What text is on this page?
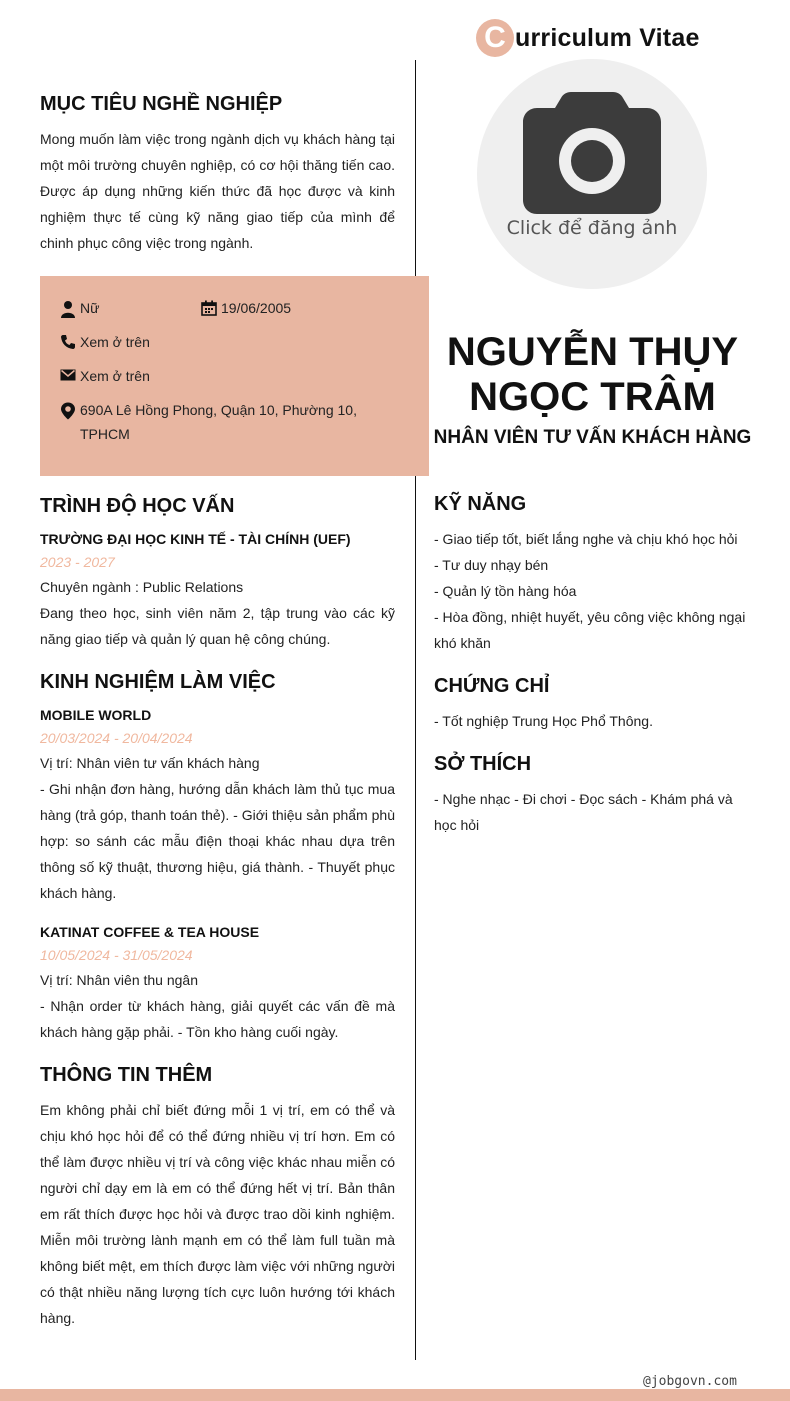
C urriculum Vitae
MỤC TIÊU NGHỀ NGHIỆP
Mong muốn làm việc trong ngành dịch vụ khách hàng tại một môi trường chuyên nghiệp, có cơ hội thăng tiến cao. Được áp dụng những kiến thức đã học được và kinh nghiệm thực tế cùng kỹ năng giao tiếp của mình để chinh phục công việc trong ngành.
Nữ	19/06/2005
Xem ở trên
Xem ở trên
690A Lê Hồng Phong, Quận 10, Phường 10, TPHCM
Click để đăng ảnh
NGUYỄN THỤY
NGỌC TRÂM
NHÂN VIÊN TƯ VẤN KHÁCH HÀNG
TRÌNH ĐỘ HỌC VẤN
TRƯỜNG ĐẠI HỌC KINH TẾ - TÀI CHÍNH (UEF)
2023 - 2027
Chuyên ngành : Public Relations
Đang theo học, sinh viên năm 2, tập trung vào các kỹ năng giao tiếp và quản lý quan hệ công chúng.
KINH NGHIỆM LÀM VIỆC
MOBILE WORLD
20/03/2024 - 20/04/2024
Vị trí: Nhân viên tư vấn khách hàng
- Ghi nhận đơn hàng, hướng dẫn khách làm thủ tục mua hàng (trả góp, thanh toán thẻ). - Giới thiệu sản phẩm phù hợp: so sánh các mẫu điện thoại khác nhau dựa trên thông số kỹ thuật, thương hiệu, giá thành. - Thuyết phục khách hàng.
KATINAT COFFEE & TEA HOUSE
10/05/2024 - 31/05/2024
Vị trí: Nhân viên thu ngân
- Nhận order từ khách hàng, giải quyết các vấn đề mà khách hàng gặp phải. - Tồn kho hàng cuối ngày.
THÔNG TIN THÊM
Em không phải chỉ biết đứng mỗi 1 vị trí, em có thể và chịu khó học hỏi để có thể đứng nhiều vị trí hơn. Em có thể làm được nhiều vị trí và công việc khác nhau miễn có người chỉ dạy em là em có thể đứng hết vị trí. Bản thân em rất thích được học hỏi và được trao dồi kinh nghiệm. Miễn môi trường lành mạnh em có thể làm full tuần mà không biết mệt, em thích được làm việc với những người có thật nhiều năng lượng tích cực luôn hướng tới khách hàng.
KỸ NĂNG
- Giao tiếp tốt, biết lắng nghe và chịu khó học hỏi
- Tư duy nhạy bén
- Quản lý tồn hàng hóa
- Hòa đồng, nhiệt huyết, yêu công việc không ngại khó khăn
CHỨNG CHỈ
- Tốt nghiệp Trung Học Phổ Thông.
SỞ THÍCH
- Nghe nhạc - Đi chơi - Đọc sách - Khám phá và học hỏi
@jobgovn.com
